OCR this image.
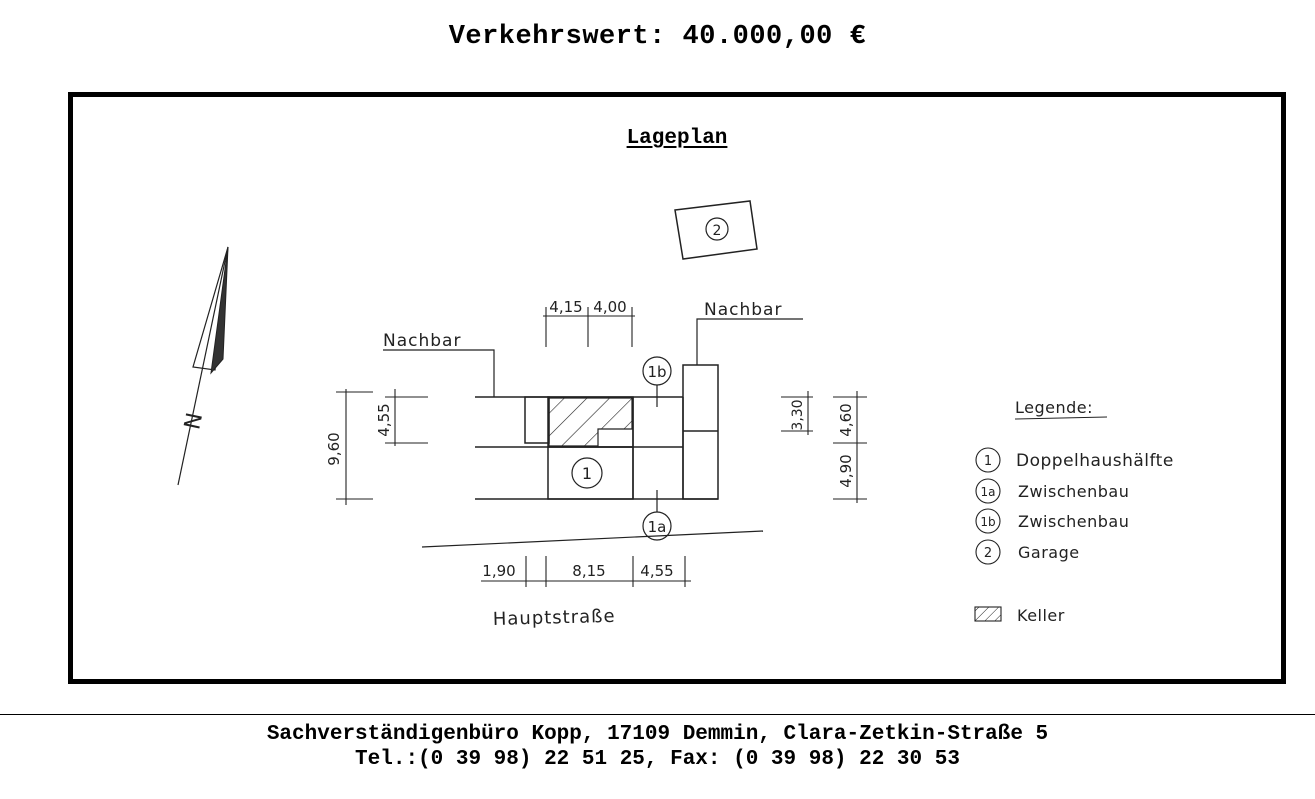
Verkehrswert: 40.000,00 €
Lageplan
N
2
Nachbar
Nachbar
1
1b
1a
4,15 4,00
9,60
4,55	3,30 4,60
4,90
1,90	8,15 4,55
Hauptstraße
Legende:
1 Doppelhaushälfte
1a Zwischenbau
1b Zwischenbau
2 Garage
Keller
Sachverständigenbüro Kopp, 17109 Demmin, Clara-Zetkin-Straße 5
Tel.:(0 39 98) 22 51 25, Fax: (0 39 98) 22 30 53
